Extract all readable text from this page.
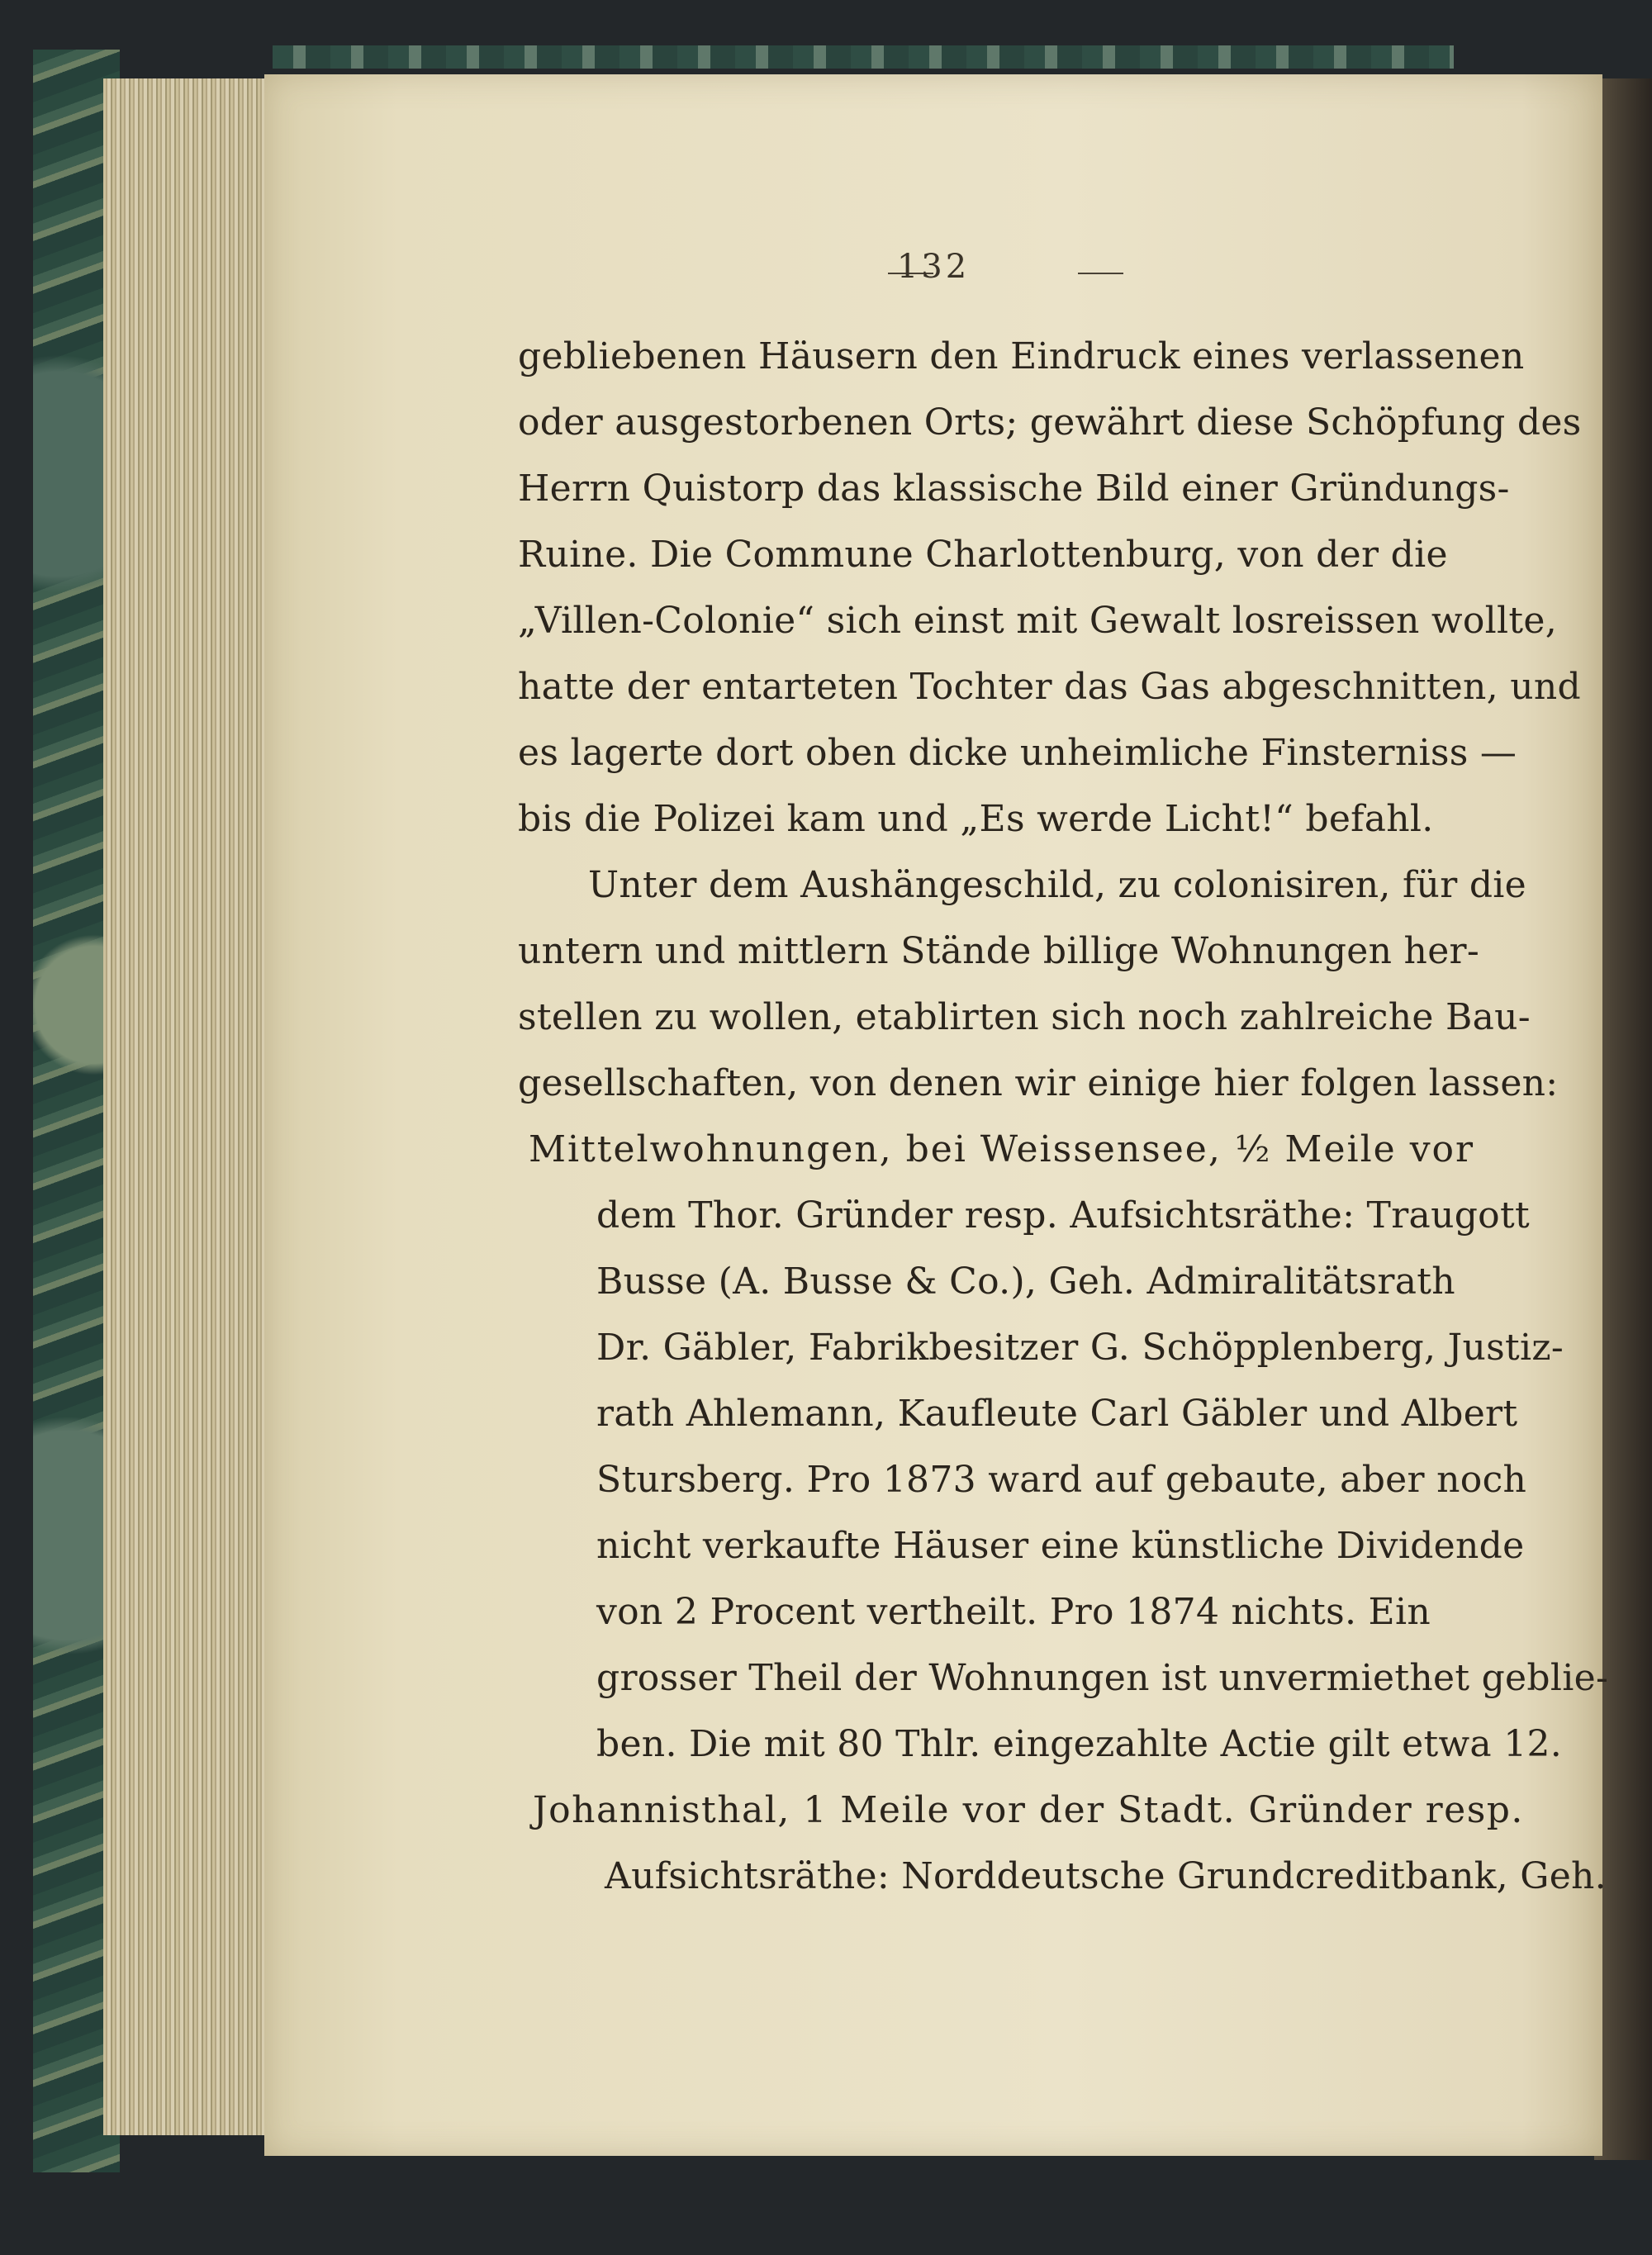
132

gebliebenen Häusern den Eindruck eines verlassenen

oder ausgestorbenen Orts; gewährt diese Schöpfung des

Herrn Quistorp das klassische Bild einer Gründungs-

Ruine. Die Commune Charlottenburg, von der die

„Villen-Colonie“ sich einst mit Gewalt losreissen wollte,

hatte der entarteten Tochter das Gas abgeschnitten, und

es lagerte dort oben dicke unheimliche Finsterniss —

bis die Polizei kam und „Es werde Licht!“ befahl.

Unter dem Aushängeschild, zu colonisiren, für die

untern und mittlern Stände billige Wohnungen her-

stellen zu wollen, etablirten sich noch zahlreiche Bau-

gesellschaften, von denen wir einige hier folgen lassen:

Mittelwohnungen, bei Weissensee, ½ Meile vor

dem Thor. Gründer resp. Aufsichtsräthe: Traugott

Busse (A. Busse & Co.), Geh. Admiralitätsrath

Dr. Gäbler, Fabrikbesitzer G. Schöpplenberg, Justiz-

rath Ahlemann, Kaufleute Carl Gäbler und Albert

Stursberg. Pro 1873 ward auf gebaute, aber noch

nicht verkaufte Häuser eine künstliche Dividende

von 2 Procent vertheilt. Pro 1874 nichts. Ein

grosser Theil der Wohnungen ist unvermiethet geblie-

ben. Die mit 80 Thlr. eingezahlte Actie gilt etwa 12.

Johannisthal, 1 Meile vor der Stadt. Gründer resp.

Aufsichtsräthe: Norddeutsche Grundcreditbank, Geh.
